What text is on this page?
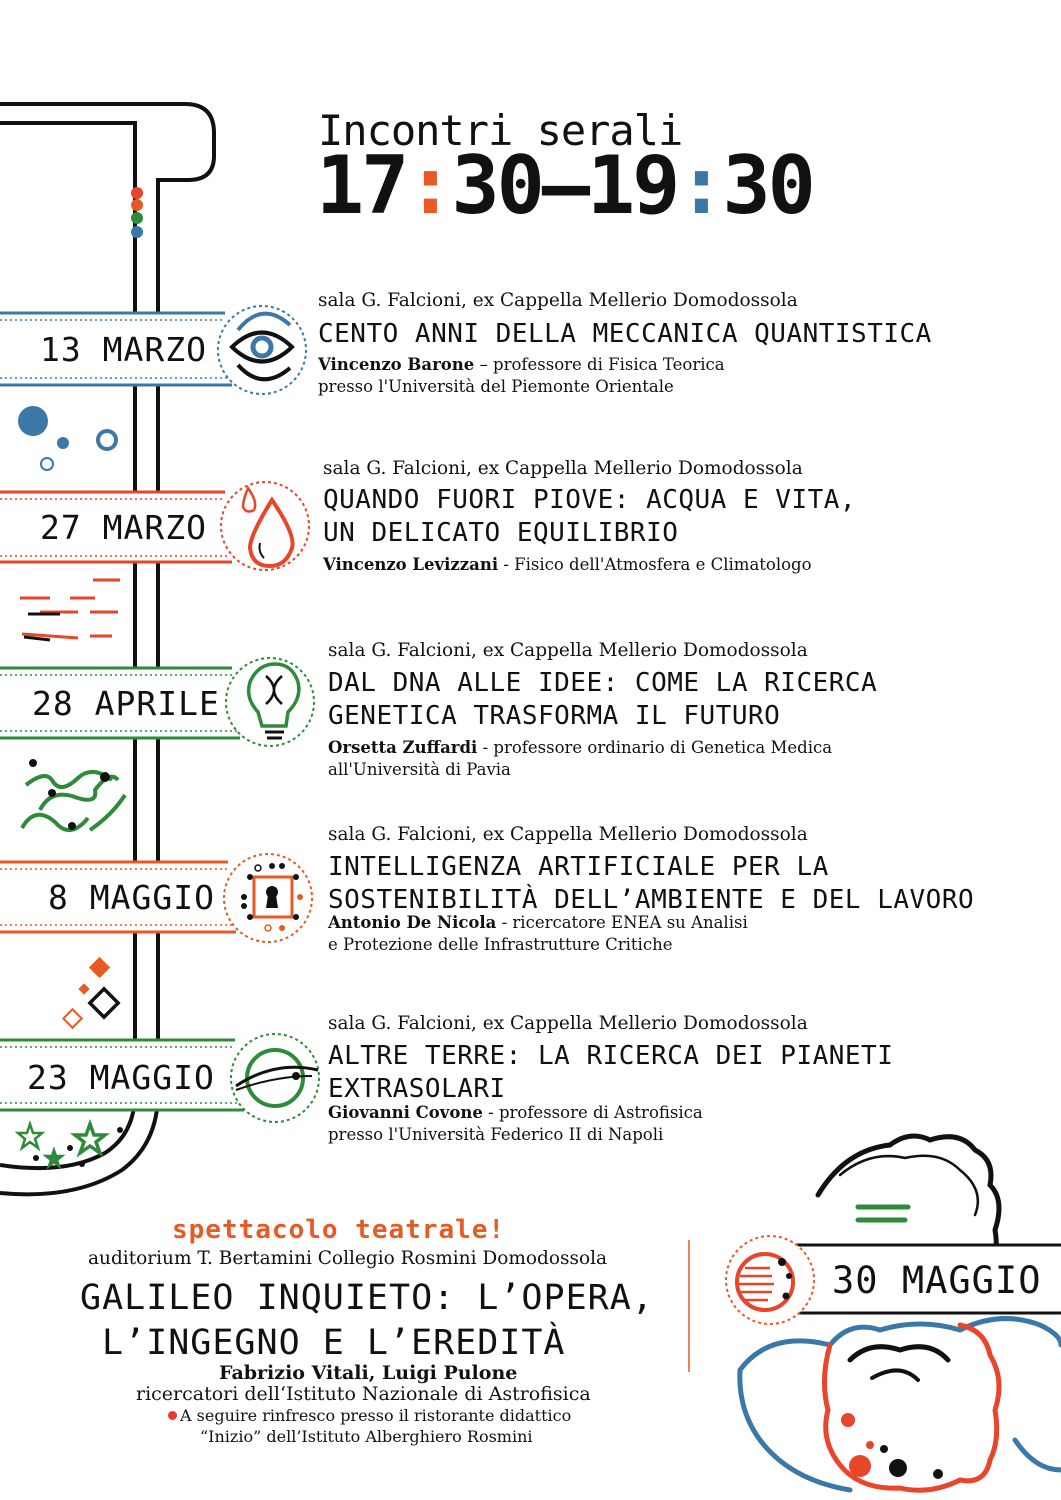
Incontri serali
17:30–19:30
13 MARZO
sala G. Falcioni, ex Cappella Mellerio Domodossola
CENTO ANNI DELLA MECCANICA QUANTISTICA
Vincenzo Barone – professore di Fisica Teorica
presso l'Università del Piemonte Orientale
27 MARZO
sala G. Falcioni, ex Cappella Mellerio Domodossola
QUANDO FUORI PIOVE: ACQUA E VITA,
UN DELICATO EQUILIBRIO
Vincenzo Levizzani - Fisico dell'Atmosfera e Climatologo
28 APRILE
sala G. Falcioni, ex Cappella Mellerio Domodossola
DAL DNA ALLE IDEE: COME LA RICERCA
GENETICA TRASFORMA IL FUTURO
Orsetta Zuffardi - professore ordinario di Genetica Medica
all'Università di Pavia
8 MAGGIO
sala G. Falcioni, ex Cappella Mellerio Domodossola
INTELLIGENZA ARTIFICIALE PER LA
SOSTENIBILITÀ DELL’AMBIENTE E DEL LAVORO
Antonio De Nicola - ricercatore ENEA su Analisi
e Protezione delle Infrastrutture Critiche
23 MAGGIO
sala G. Falcioni, ex Cappella Mellerio Domodossola
ALTRE TERRE: LA RICERCA DEI PIANETI
EXTRASOLARI
Giovanni Covone - professore di Astrofisica
presso l'Università Federico II di Napoli
spettacolo teatrale!
auditorium T. Bertamini Collegio Rosmini Domodossola
GALILEO INQUIETO: L’OPERA,
L’INGEGNO E L’EREDITÀ
Fabrizio Vitali, Luigi Pulone
ricercatori dell‘Istituto Nazionale di Astrofisica
A seguire rinfresco presso il ristorante didattico
“Inizio” dell’Istituto Alberghiero Rosmini
30 MAGGIO
